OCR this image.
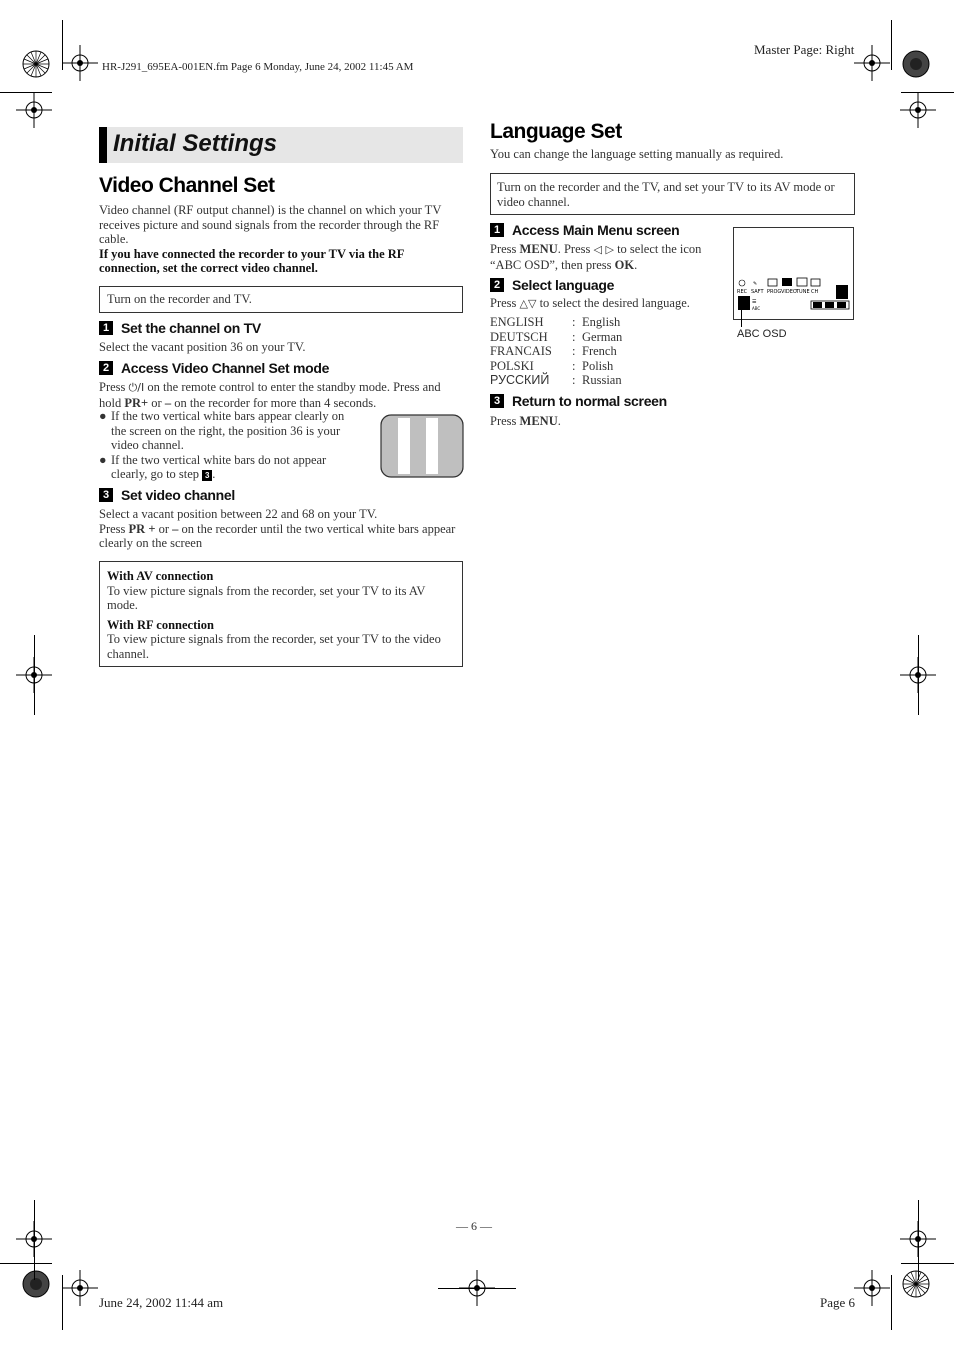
HR-J291_695EA-001EN.fm Page 6 Monday, June 24, 2002 11:45 AM
Master Page: Right
Initial Settings
Video Channel Set
Video channel (RF output channel) is the channel on which your TV receives picture and sound signals from the recorder through the RF cable.
If you have connected the recorder to your TV via the RF connection, set the correct video channel.
Turn on the recorder and TV.
1 Set the channel on TV
Select the vacant position 36 on your TV.
2 Access Video Channel Set mode
Press ⏻/I on the remote control to enter the standby mode. Press and hold PR+ or – on the recorder for more than 4 seconds.
● If the two vertical white bars appear clearly on the screen on the right, the position 36 is your video channel.
● If the two vertical white bars do not appear clearly, go to step 3 .
3 Set video channel
Select a vacant position between 22 and 68 on your TV.
Press PR + or – on the recorder until the two vertical white bars appear clearly on the screen
With AV connection
To view picture signals from the recorder, set your TV to its AV mode.
With RF connection
To view picture signals from the recorder, set your TV to the video channel.
Language Set
You can change the language setting manually as required.
Turn on the recorder and the TV, and set your TV to its AV mode or video channel.
1 Access Main Menu screen
Press MENU. Press ◁ ▷ to select the icon “ABC OSD”, then press OK.
REC
✎
SAFT PROG VIDEO TUNE CH
☰
ABC
ABC OSD
2 Select language
Press △▽ to select the desired language.
ENGLISH	: English
DEUTSCH	: German
FRANCAIS	: French
POLSKI	: Polish
РУССКИЙ	: Russian
3 Return to normal screen
Press MENU.
— 6 —
June 24, 2002 11:44 am	Page 6
